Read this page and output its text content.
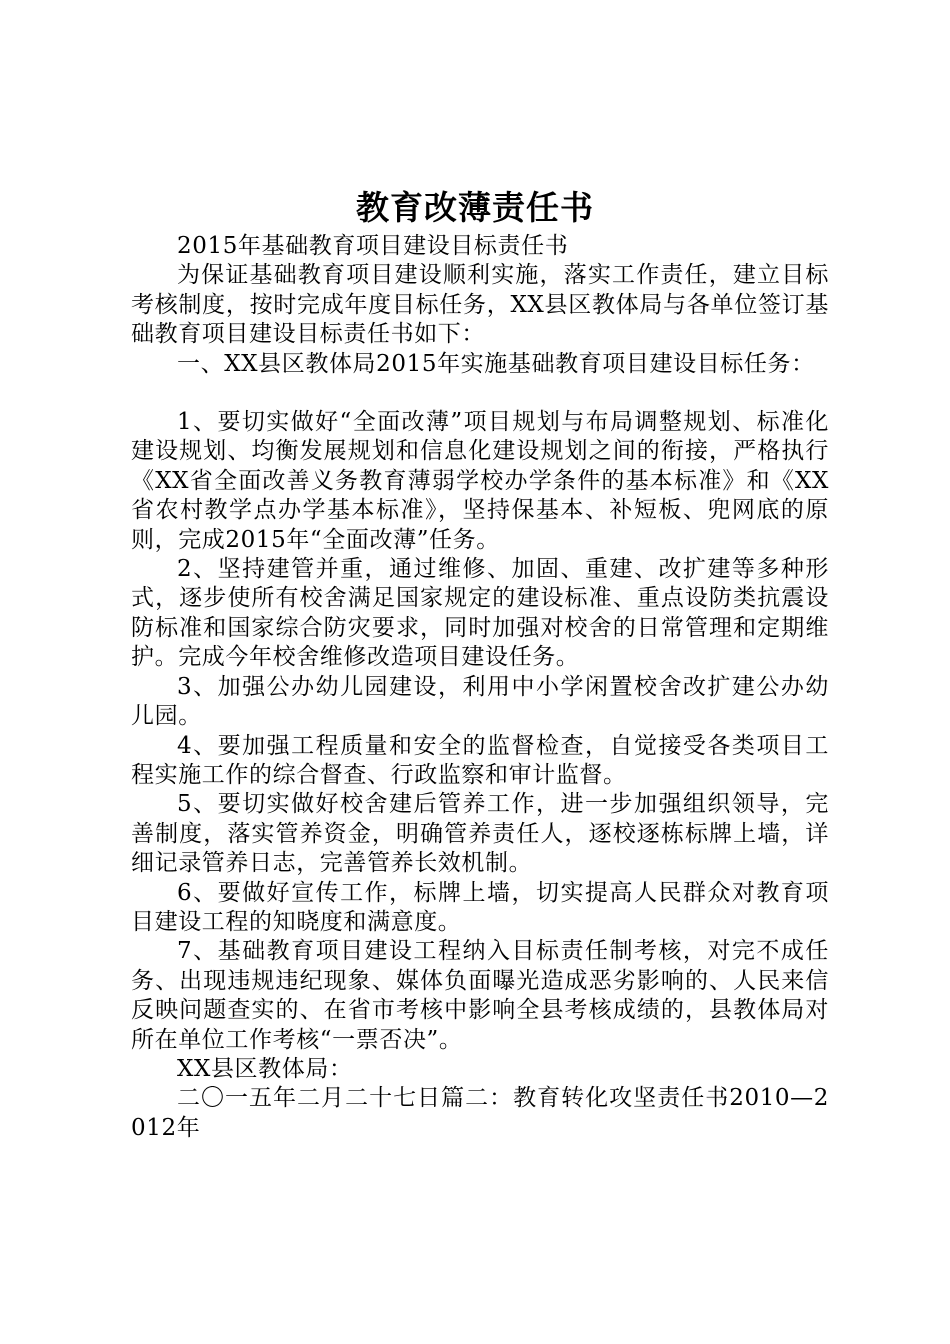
教育改薄责任书

2015年基础教育项目建设目标责任书

为保证基础教育项目建设顺利实施，落实工作责任，建立目标考核制度，按时完成年度目标任务，XX县区教体局与各单位签订基础教育项目建设目标责任书如下：

一、XX县区教体局2015年实施基础教育项目建设目标任务：

1、要切实做好“全面改薄”项目规划与布局调整规划、标准化建设规划、均衡发展规划和信息化建设规划之间的衔接，严格执行《XX省全面改善义务教育薄弱学校办学条件的基本标准》和《XX省农村教学点办学基本标准》，坚持保基本、补短板、兜网底的原则，完成2015年“全面改薄”任务。

2、坚持建管并重，通过维修、加固、重建、改扩建等多种形式，逐步使所有校舍满足国家规定的建设标准、重点设防类抗震设防标准和国家综合防灾要求，同时加强对校舍的日常管理和定期维护。完成今年校舍维修改造项目建设任务。

3、加强公办幼儿园建设，利用中小学闲置校舍改扩建公办幼儿园。

4、要加强工程质量和安全的监督检查，自觉接受各类项目工程实施工作的综合督查、行政监察和审计监督。

5、要切实做好校舍建后管养工作，进一步加强组织领导，完善制度，落实管养资金，明确管养责任人，逐校逐栋标牌上墙，详细记录管养日志，完善管养长效机制。

6、要做好宣传工作，标牌上墙，切实提高人民群众对教育项目建设工程的知晓度和满意度。

7、基础教育项目建设工程纳入目标责任制考核，对完不成任务、出现违规违纪现象、媒体负面曝光造成恶劣影响的、人民来信反映问题查实的、在省市考核中影响全县考核成绩的，县教体局对所在单位工作考核“一票否决”。

XX县区教体局：

二〇一五年二月二十七日篇二：教育转化攻坚责任书2010—2012年
